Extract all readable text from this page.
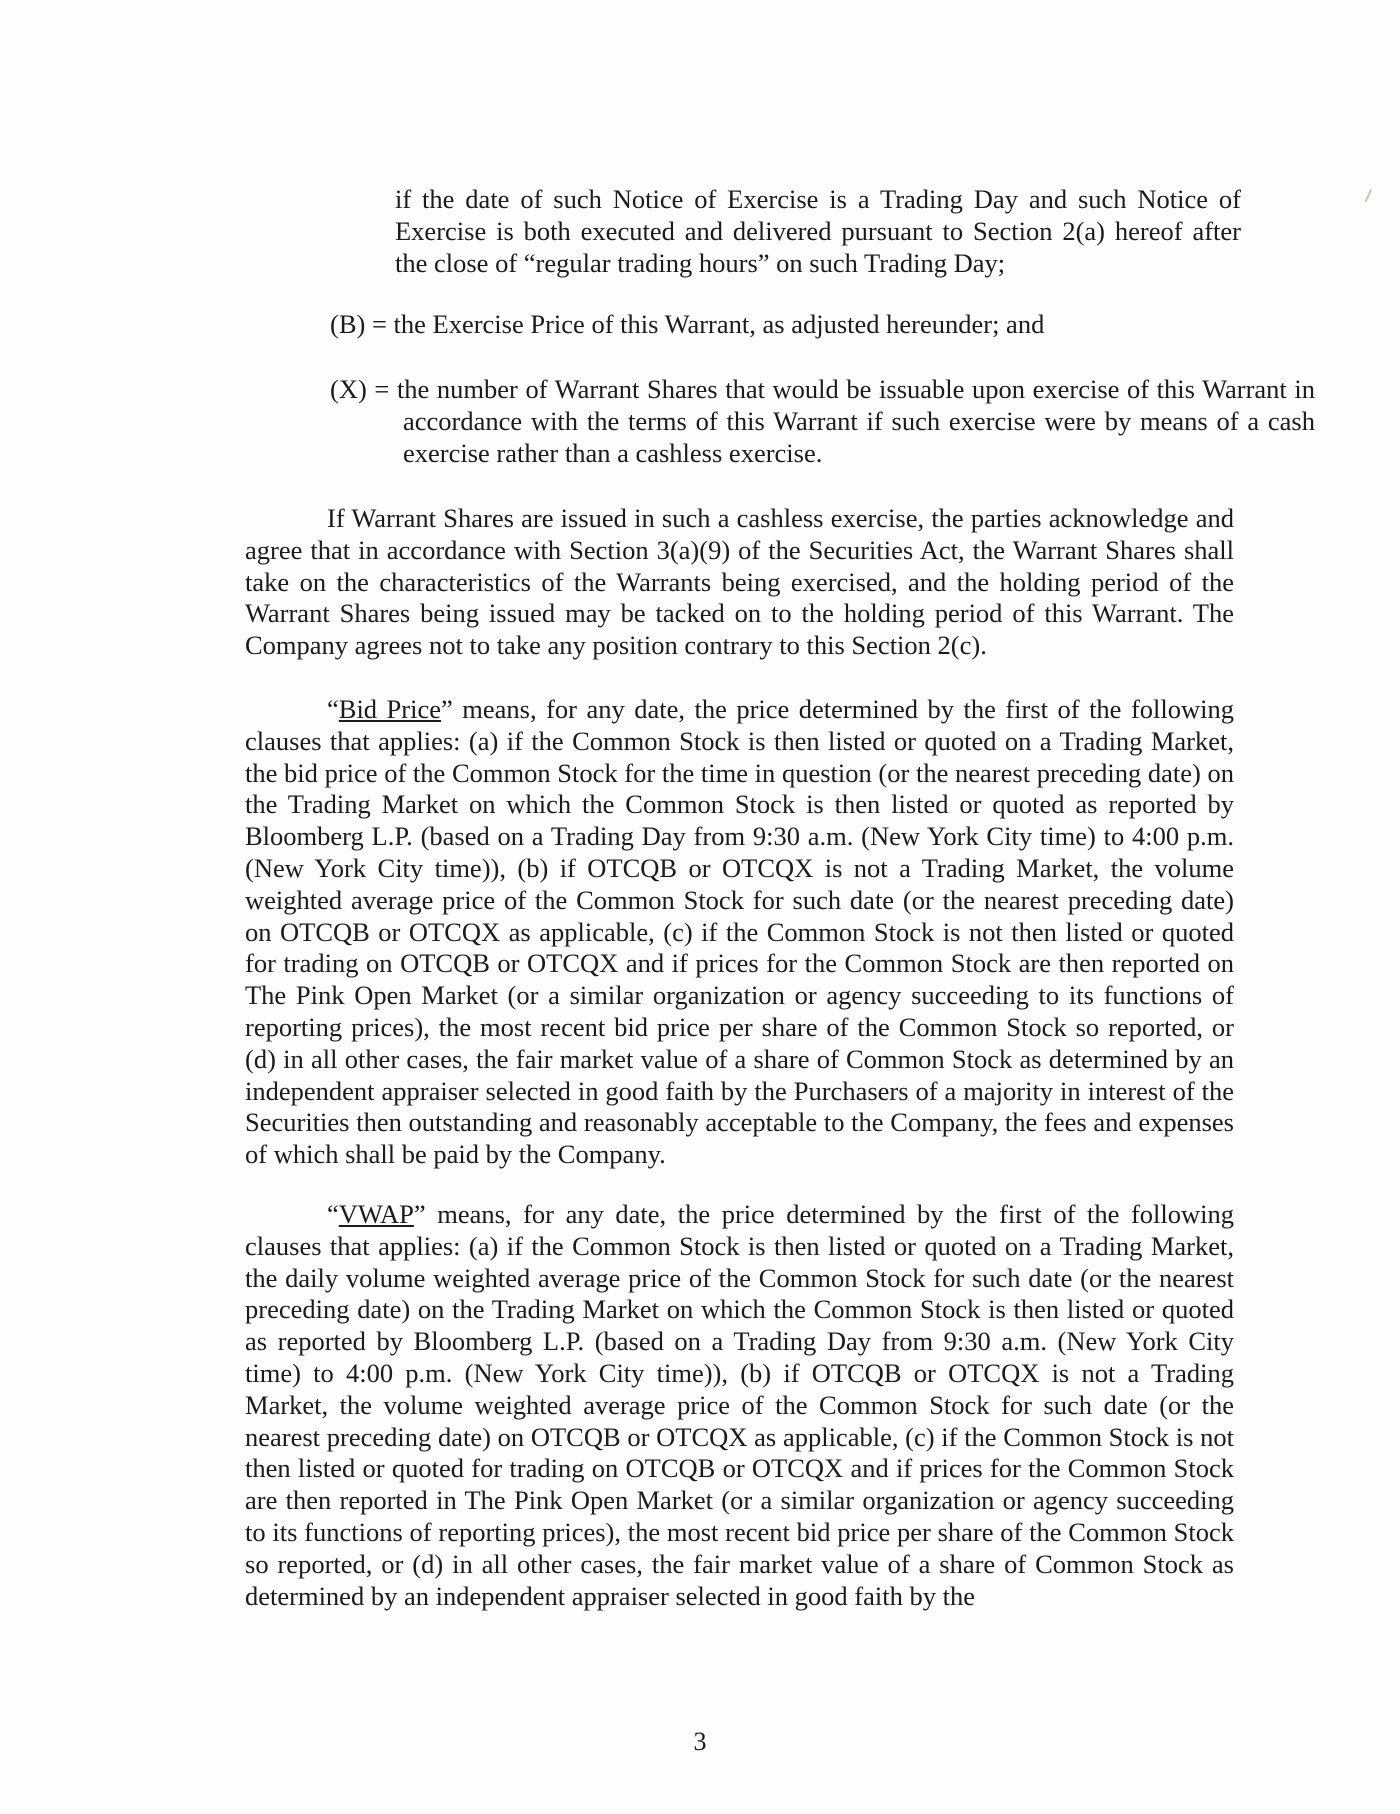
if the date of such Notice of Exercise is a Trading Day and such Notice of Exercise is both executed and delivered pursuant to Section 2(a) hereof after the close of “regular trading hours” on such Trading Day;

(B) = the Exercise Price of this Warrant, as adjusted hereunder; and

(X) = the number of Warrant Shares that would be issuable upon exercise of this Warrant in accordance with the terms of this Warrant if such exercise were by means of a cash exercise rather than a cashless exercise.

If Warrant Shares are issued in such a cashless exercise, the parties acknowledge and agree that in accordance with Section 3(a)(9) of the Securities Act, the Warrant Shares shall take on the characteristics of the Warrants being exercised, and the holding period of the Warrant Shares being issued may be tacked on to the holding period of this Warrant. The Company agrees not to take any position contrary to this Section 2(c).

“Bid Price” means, for any date, the price determined by the first of the following clauses that applies: (a) if the Common Stock is then listed or quoted on a Trading Market, the bid price of the Common Stock for the time in question (or the nearest preceding date) on the Trading Market on which the Common Stock is then listed or quoted as reported by Bloomberg L.P. (based on a Trading Day from 9:30 a.m. (New York City time) to 4:00 p.m. (New York City time)), (b) if OTCQB or OTCQX is not a Trading Market, the volume weighted average price of the Common Stock for such date (or the nearest preceding date) on OTCQB or OTCQX as applicable, (c) if the Common Stock is not then listed or quoted for trading on OTCQB or OTCQX and if prices for the Common Stock are then reported on The Pink Open Market (or a similar organization or agency succeeding to its functions of reporting prices), the most recent bid price per share of the Common Stock so reported, or (d) in all other cases, the fair market value of a share of Common Stock as determined by an independent appraiser selected in good faith by the Purchasers of a majority in interest of the Securities then outstanding and reasonably acceptable to the Company, the fees and expenses of which shall be paid by the Company.

“VWAP” means, for any date, the price determined by the first of the following clauses that applies: (a) if the Common Stock is then listed or quoted on a Trading Market, the daily volume weighted average price of the Common Stock for such date (or the nearest preceding date) on the Trading Market on which the Common Stock is then listed or quoted as reported by Bloomberg L.P. (based on a Trading Day from 9:30 a.m. (New York City time) to 4:00 p.m. (New York City time)), (b) if OTCQB or OTCQX is not a Trading Market, the volume weighted average price of the Common Stock for such date (or the nearest preceding date) on OTCQB or OTCQX as applicable, (c) if the Common Stock is not then listed or quoted for trading on OTCQB or OTCQX and if prices for the Common Stock are then reported in The Pink Open Market (or a similar organization or agency succeeding to its functions of reporting prices), the most recent bid price per share of the Common Stock so reported, or (d) in all other cases, the fair market value of a share of Common Stock as determined by an independent appraiser selected in good faith by the

3
